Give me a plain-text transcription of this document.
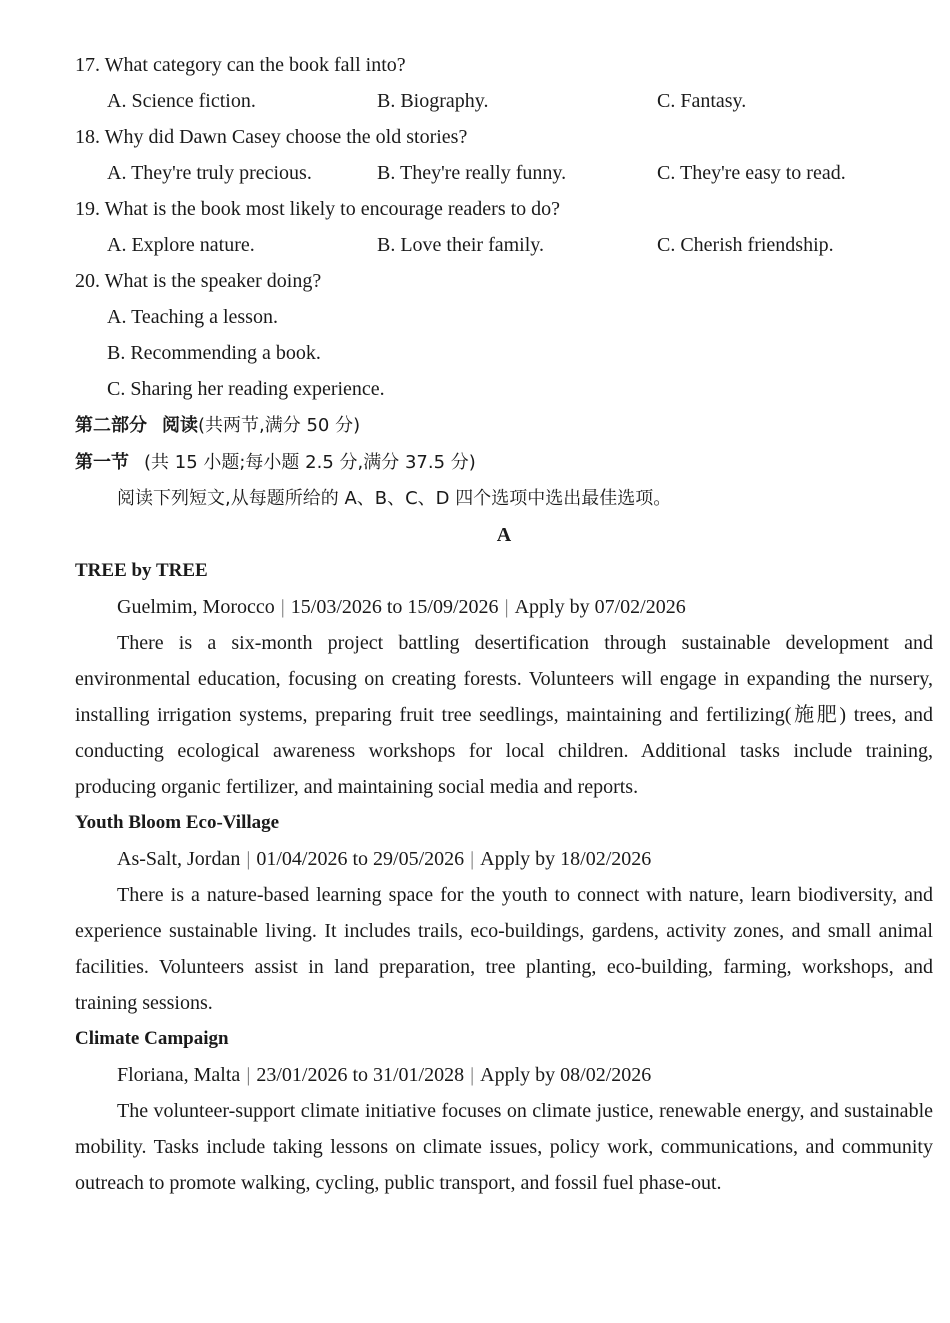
17. What category can the book fall into?
A. Science fiction.	B. Biography.	C. Fantasy.
18. Why did Dawn Casey choose the old stories?
A. They're truly precious.	B. They're really funny.	C. They're easy to read.
19. What is the book most likely to encourage readers to do?
A. Explore nature.	B. Love their family.	C. Cherish friendship.
20. What is the speaker doing?
A. Teaching a lesson.
B. Recommending a book.
C. Sharing her reading experience.
第二部分 阅读(共两节,满分 50 分)
第一节 (共 15 小题;每小题 2.5 分,满分 37.5 分)
阅读下列短文,从每题所给的 A、B、C、D 四个选项中选出最佳选项。
A
TREE by TREE
Guelmim, Morocco | 15/03/2026 to 15/09/2026 | Apply by 07/02/2026
There is a six-month project battling desertification through sustainable development and environmental education, focusing on creating forests. Volunteers will engage in expanding the nursery, installing irrigation systems, preparing fruit tree seedlings, maintaining and fertilizing(施肥) trees, and conducting ecological awareness workshops for local children. Additional tasks include training, producing organic fertilizer, and maintaining social media and reports.
Youth Bloom Eco-Village
As-Salt, Jordan | 01/04/2026 to 29/05/2026 | Apply by 18/02/2026
There is a nature-based learning space for the youth to connect with nature, learn biodiversity, and experience sustainable living. It includes trails, eco-buildings, gardens, activity zones, and small animal facilities. Volunteers assist in land preparation, tree planting, eco-building, farming, workshops, and training sessions.
Climate Campaign
Floriana, Malta | 23/01/2026 to 31/01/2028 | Apply by 08/02/2026
The volunteer-support climate initiative focuses on climate justice, renewable energy, and sustainable mobility. Tasks include taking lessons on climate issues, policy work, communications, and community outreach to promote walking, cycling, public transport, and fossil fuel phase-out.
